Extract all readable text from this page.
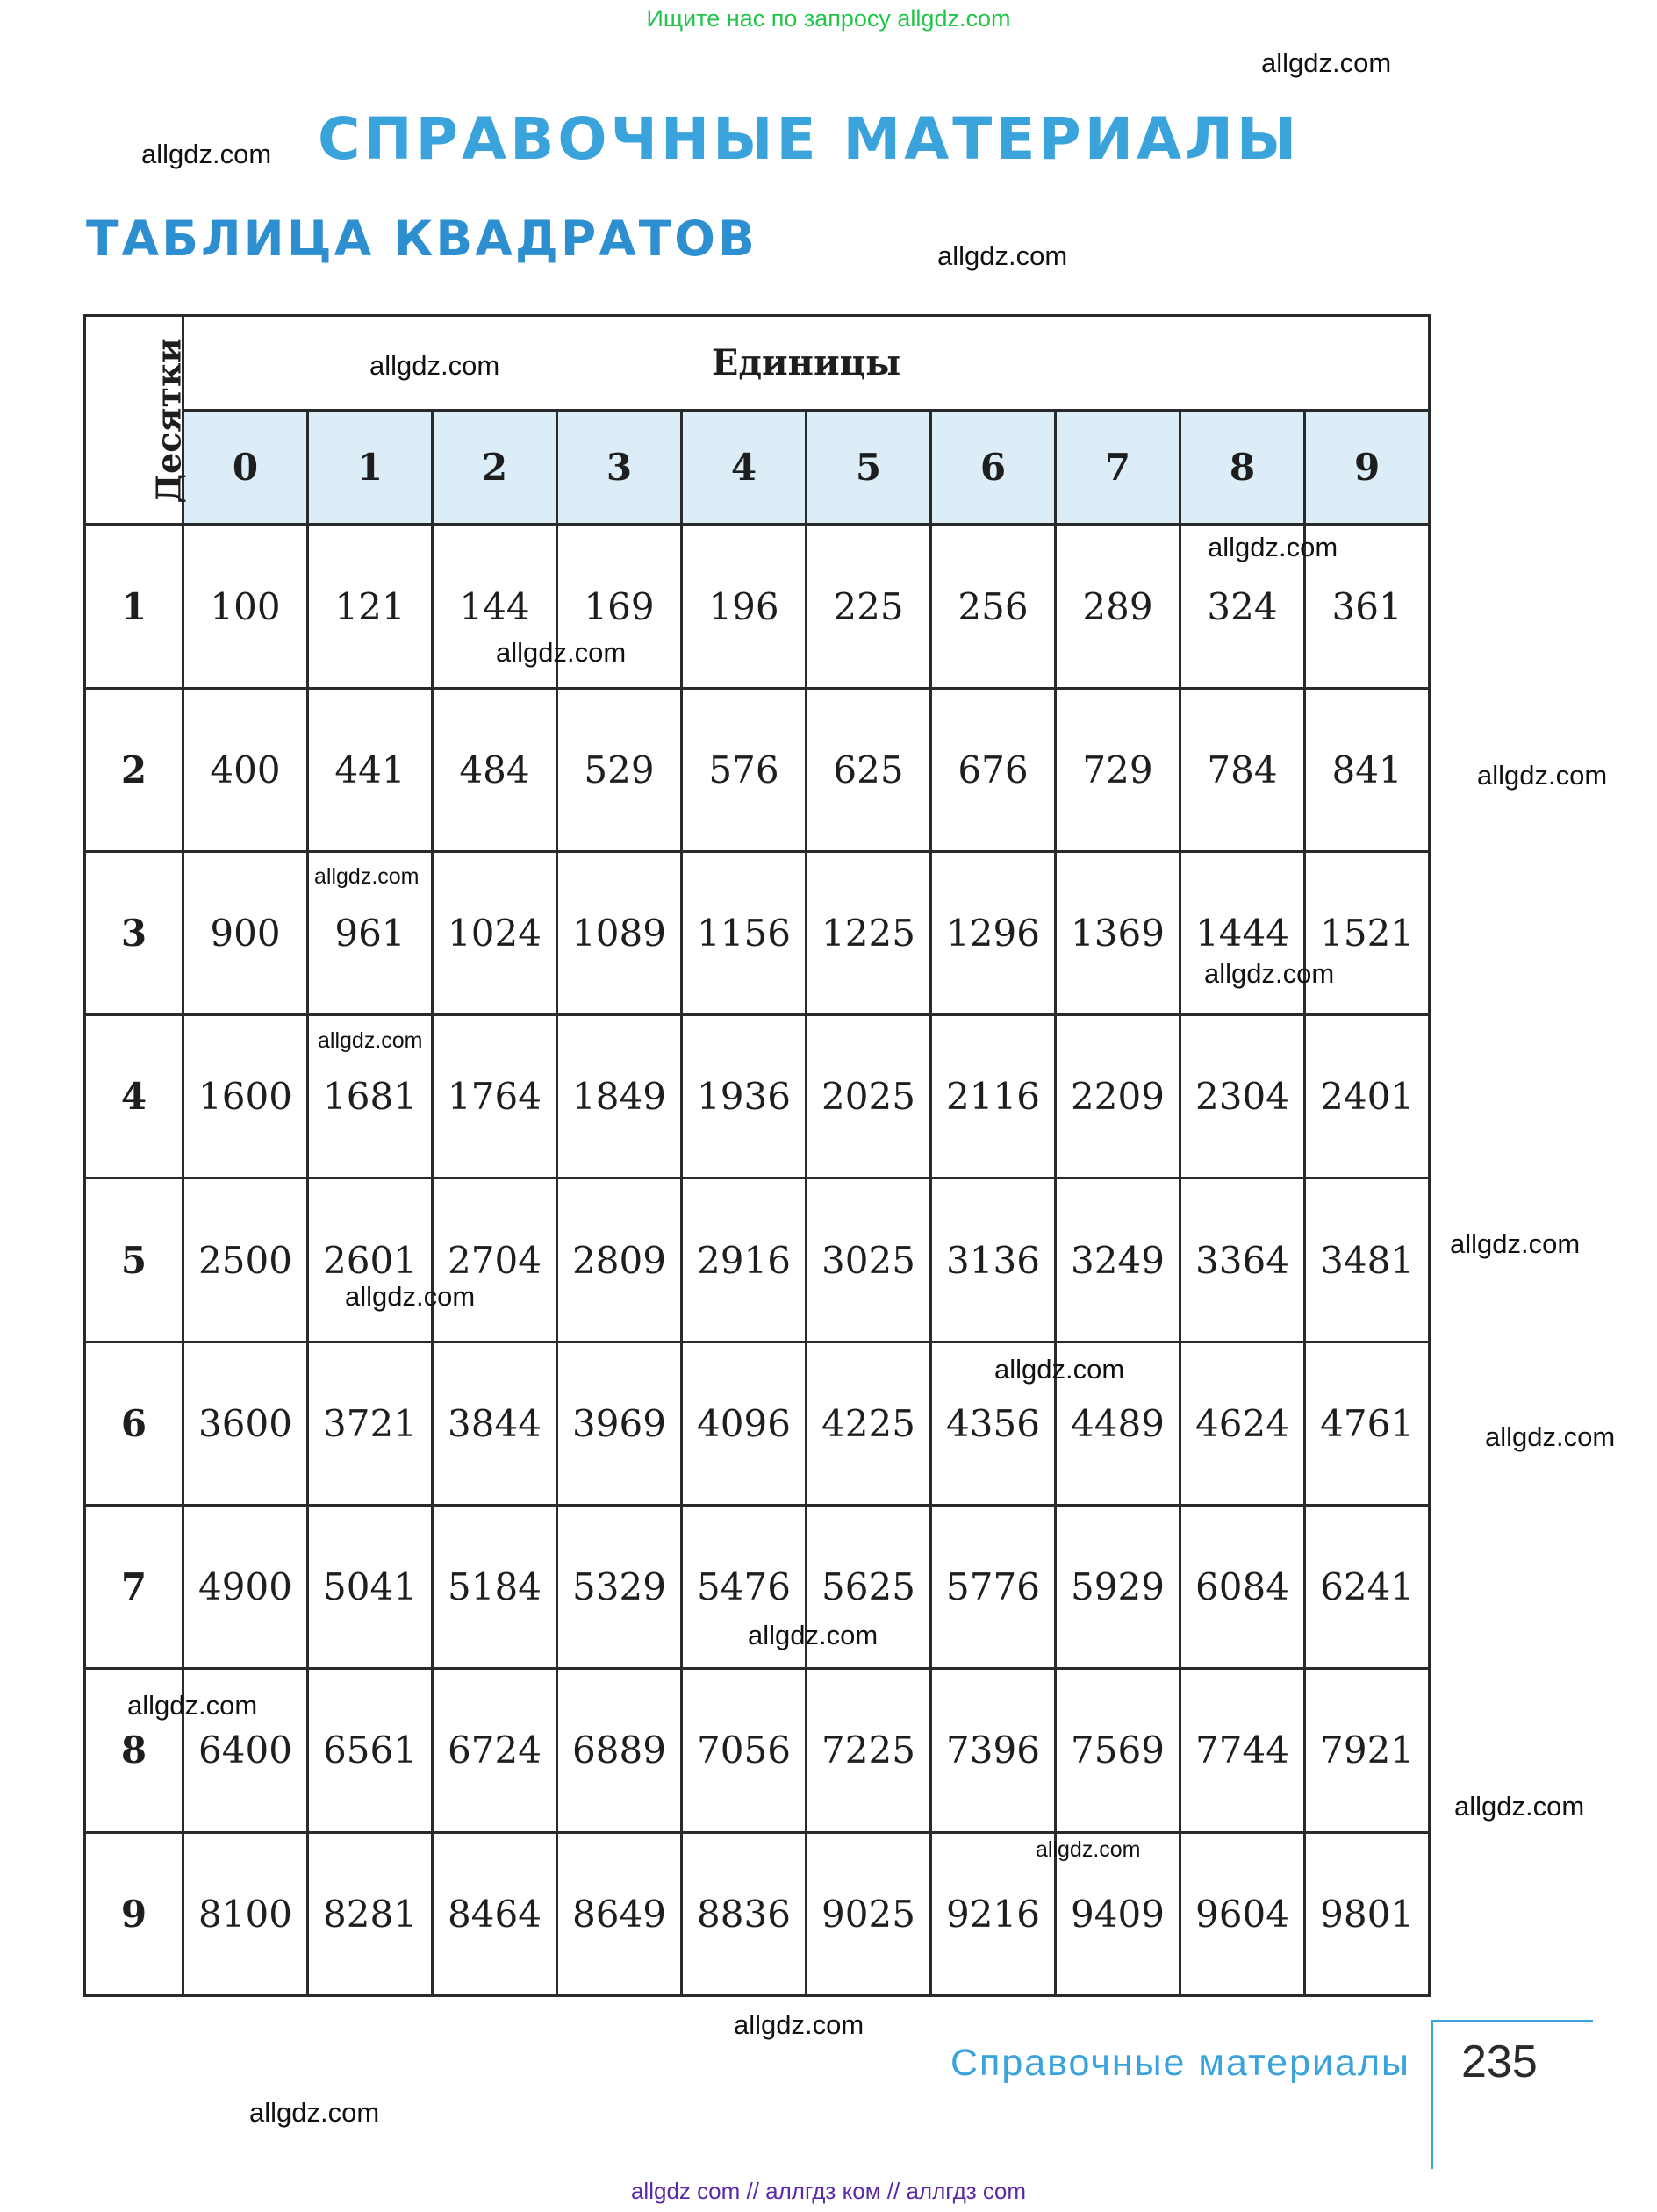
Ищите нас по запросу allgdz.com
СПРАВОЧНЫЕ МАТЕРИАЛЫ
ТАБЛИЦА КВАДРАТОВ
Десятки	Единицы									
	0	1	2	3	4	5	6	7	8	9
1	100	121	144	169	196	225	256	289	324	361
2	400	441	484	529	576	625	676	729	784	841
3	900	961	1024	1089	1156	1225	1296	1369	1444	1521
4	1600	1681	1764	1849	1936	2025	2116	2209	2304	2401
5	2500	2601	2704	2809	2916	3025	3136	3249	3364	3481
6	3600	3721	3844	3969	4096	4225	4356	4489	4624	4761
7	4900	5041	5184	5329	5476	5625	5776	5929	6084	6241
8	6400	6561	6724	6889	7056	7225	7396	7569	7744	7921
9	8100	8281	8464	8649	8836	9025	9216	9409	9604	9801
allgdz.com
allgdz.com
allgdz.com
allgdz.com
allgdz.com
allgdz.com
allgdz.com
allgdz.com
allgdz.com
allgdz.com
allgdz.com
allgdz.com
allgdz.com
allgdz.com
allgdz.com
allgdz.com
allgdz.com
allgdz.com
allgdz.com
allgdz.com
Справочные материалы 235
allgdz com // аллгдз ком // аллгдз com
